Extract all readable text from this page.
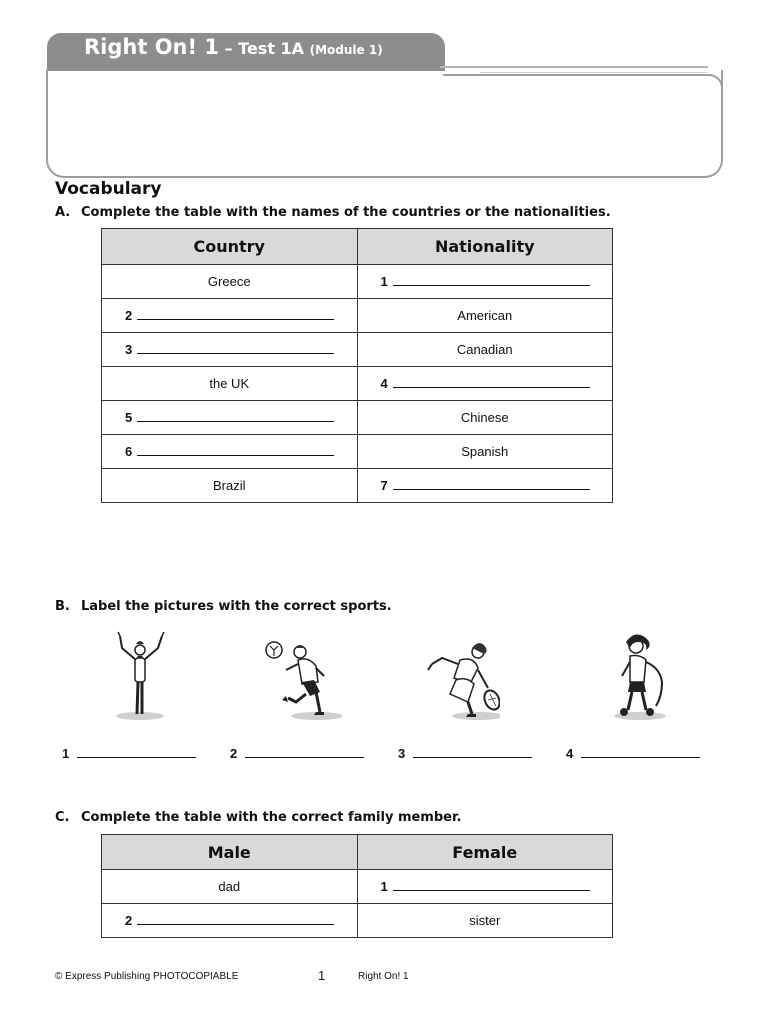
Right On! 1 – Test 1A (Module 1)
Vocabulary
A. Complete the table with the names of the countries or the nationalities.
Country	Nationality
Greece	1
2	American
3	Canadian
the UK	4
5	Chinese
6	Spanish
Brazil	7
B. Label the pictures with the correct sports.
1	2	3	4
C. Complete the table with the correct family member.
Male	Female
dad	1
2	sister
© Express Publishing PHOTOCOPIABLE	1	Right On! 1
